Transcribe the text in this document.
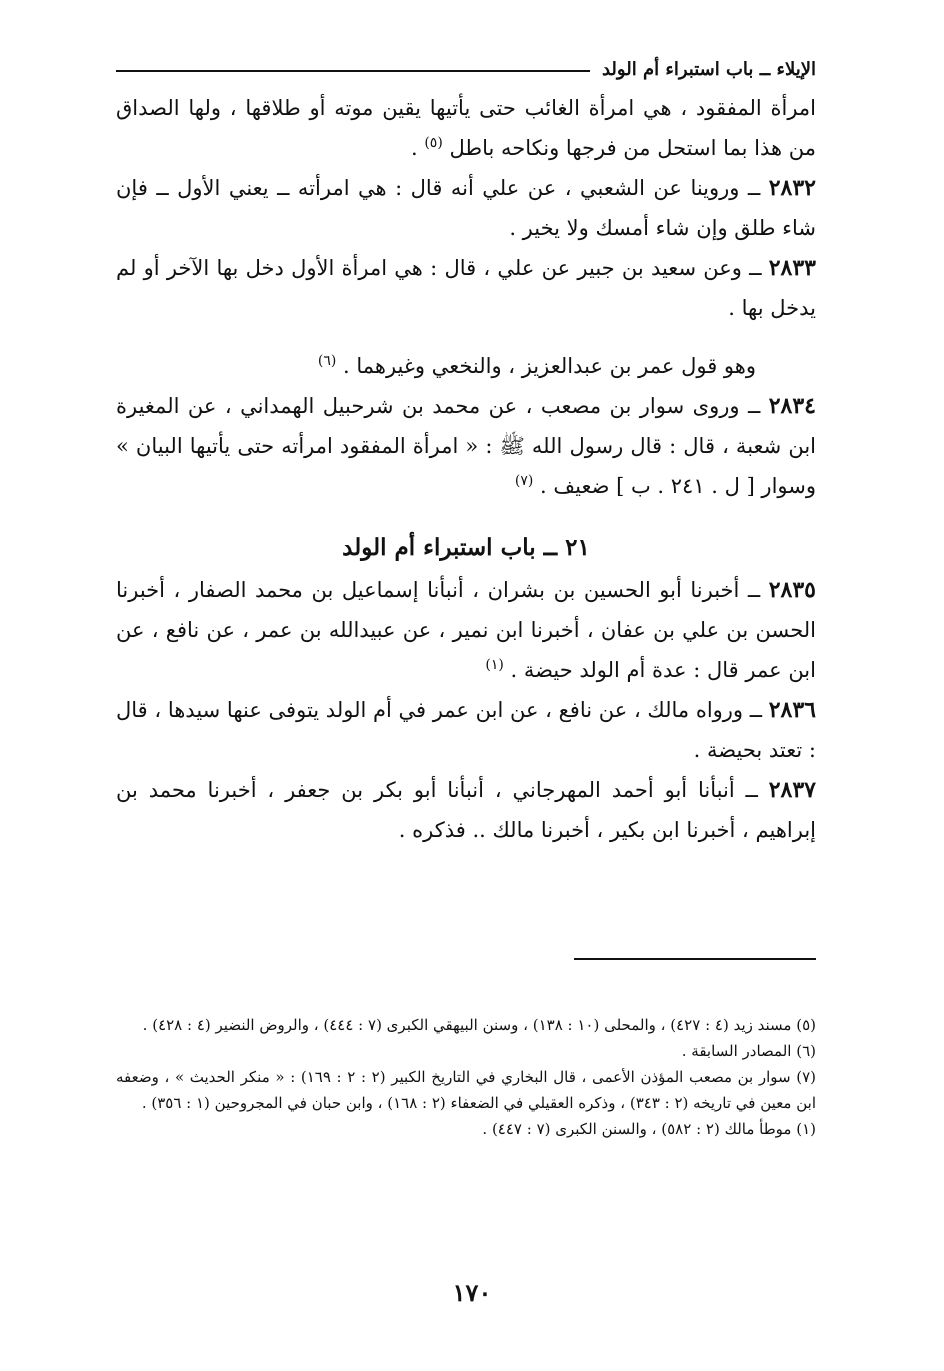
الإيلاء ــ باب استبراء أم الولد

امرأة المفقود ، هي امرأة الغائب حتى يأتيها يقين موته أو طلاقها ، ولها الصداق من هذا بما استحل من فرجها ونكاحه باطل $^{(٥)}$ .

٢٨٣٢ ــ وروينا عن الشعبي ، عن علي أنه قال : هي امرأته ــ يعني الأول ــ فإن شاء طلق وإن شاء أمسك ولا يخير .

٢٨٣٣ ــ وعن سعيد بن جبير عن علي ، قال : هي امرأة الأول دخل بها الآخر أو لم يدخل بها .

وهو قول عمر بن عبدالعزيز ، والنخعي وغيرهما . $^{(٦)}$

٢٨٣٤ ــ وروى سوار بن مصعب ، عن محمد بن شرحبيل الهمداني ، عن المغيرة ابن شعبة ، قال : قال رسول الله ﷺ : « امرأة المفقود امرأته حتى يأتيها البيان » وسوار [ ل . ٢٤١ . ب ] ضعيف . $^{(٧)}$

٢١ ــ باب استبراء أم الولد

٢٨٣٥ ــ أخبرنا أبو الحسين بن بشران ، أنبأنا إسماعيل بن محمد الصفار ، أخبرنا الحسن بن علي بن عفان ، أخبرنا ابن نمير ، عن عبيدالله بن عمر ، عن نافع ، عن ابن عمر قال : عدة أم الولد حيضة . $^{(١)}$

٢٨٣٦ ــ ورواه مالك ، عن نافع ، عن ابن عمر في أم الولد يتوفى عنها سيدها ، قال : تعتد بحيضة .

٢٨٣٧ ــ أنبأنا أبو أحمد المهرجاني ، أنبأنا أبو بكر بن جعفر ، أخبرنا محمد بن إبراهيم ، أخبرنا ابن بكير ، أخبرنا مالك .. فذكره .

(٥) مسند زيد (٤ : ٤٢٧) ، والمحلى (١٠ : ١٣٨) ، وسنن البيهقي الكبرى (٧ : ٤٤٤) ، والروض النضير (٤ : ٤٢٨) .

(٦) المصادر السابقة .

(٧) سوار بن مصعب المؤذن الأعمى ، قال البخاري في التاريخ الكبير (٢ : ٢ : ١٦٩) : « منكر الحديث » ، وضعفه ابن معين في تاريخه (٢ : ٣٤٣) ، وذكره العقيلي في الضعفاء (٢ : ١٦٨) ، وابن حبان في المجروحين (١ : ٣٥٦) .

(١) موطأ مالك (٢ : ٥٨٢) ، والسنن الكبرى (٧ : ٤٤٧) .

١٧٠
